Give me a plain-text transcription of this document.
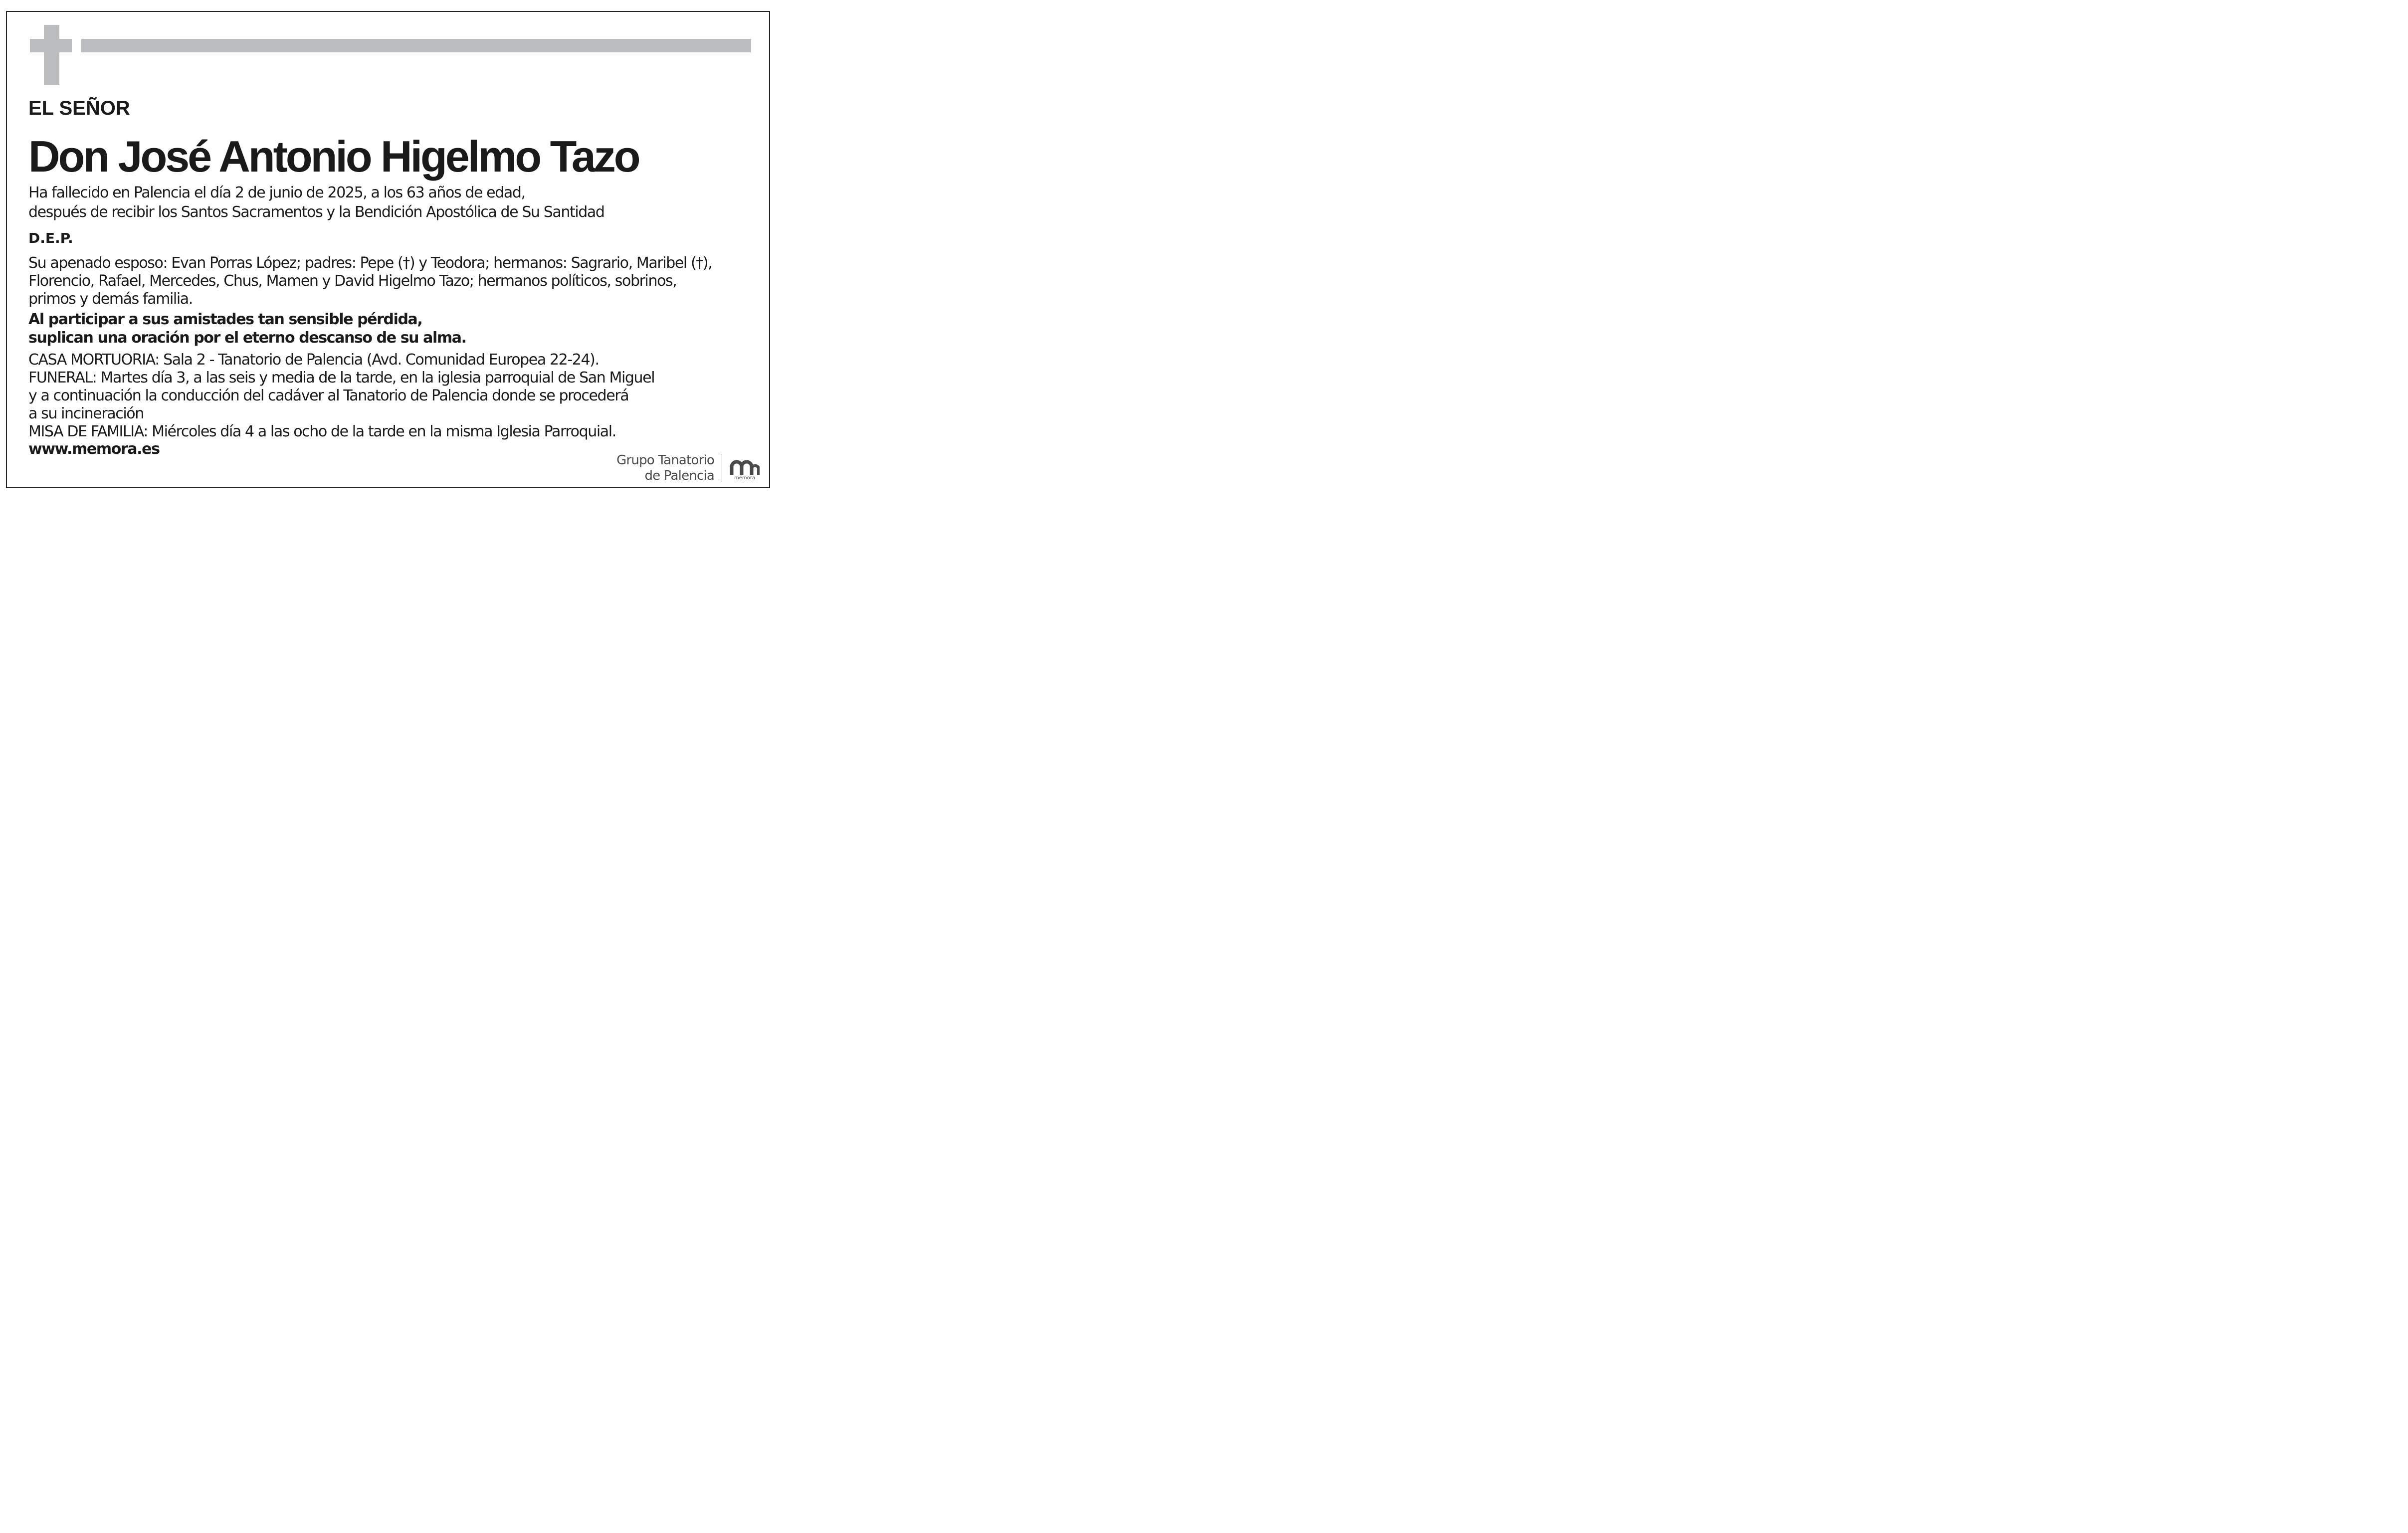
EL SEÑOR

Don José Antonio Higelmo Tazo

Ha fallecido en Palencia el día 2 de junio de 2025, a los 63 años de edad,

después de recibir los Santos Sacramentos y la Bendición Apostólica de Su Santidad

D.E.P.

Su apenado esposo: Evan Porras López; padres: Pepe (†) y Teodora; hermanos: Sagrario, Maribel (†),

Florencio, Rafael, Mercedes, Chus, Mamen y David Higelmo Tazo; hermanos políticos, sobrinos,

primos y demás familia.

Al participar a sus amistades tan sensible pérdida,

suplican una oración por el eterno descanso de su alma.

CASA MORTUORIA: Sala 2 - Tanatorio de Palencia (Avd. Comunidad Europea 22-24).

FUNERAL: Martes día 3, a las seis y media de la tarde, en la iglesia parroquial de San Miguel

y a continuación la conducción del cadáver al Tanatorio de Palencia donde se procederá

a su incineración

MISA DE FAMILIA: Miércoles día 4 a las ocho de la tarde en la misma Iglesia Parroquial.

www.memora.es

Grupo Tanatorio
de Palencia	mémora
